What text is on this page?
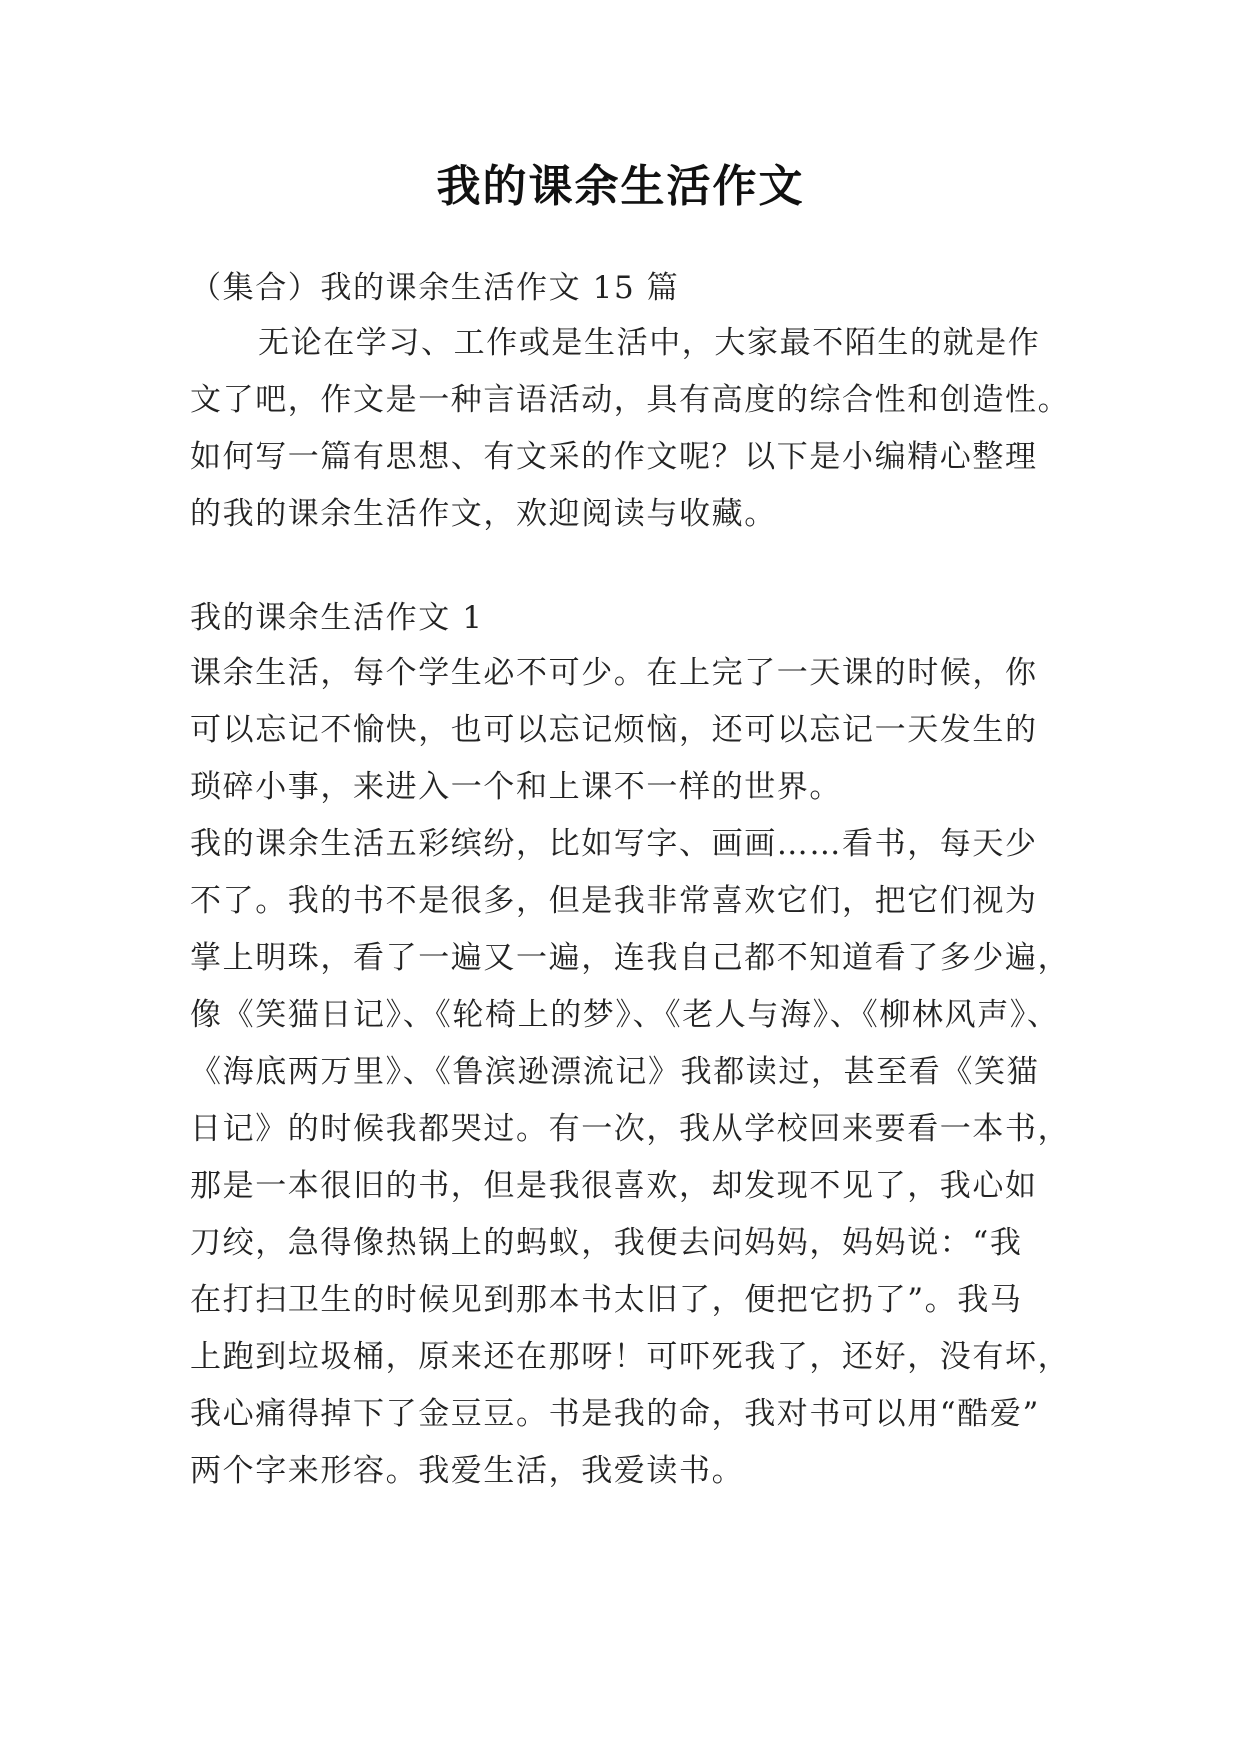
我的课余生活作文
（集合）我的课余生活作文 15 篇
无论在学习、工作或是生活中，大家最不陌生的就是作
文了吧，作文是一种言语活动，具有高度的综合性和创造性。
如何写一篇有思想、有文采的作文呢？以下是小编精心整理
的我的课余生活作文，欢迎阅读与收藏。
我的课余生活作文 1
课余生活，每个学生必不可少。在上完了一天课的时候，你
可以忘记不愉快，也可以忘记烦恼，还可以忘记一天发生的
琐碎小事，来进入一个和上课不一样的世界。
我的课余生活五彩缤纷，比如写字、画画……看书，每天少
不了。我的书不是很多，但是我非常喜欢它们，把它们视为
掌上明珠，看了一遍又一遍，连我自己都不知道看了多少遍，
像《笑猫日记》、《轮椅上的梦》、《老人与海》、《柳林风声》、
《海底两万里》、《鲁滨逊漂流记》我都读过，甚至看《笑猫
日记》的时候我都哭过。有一次，我从学校回来要看一本书，
那是一本很旧的书，但是我很喜欢，却发现不见了，我心如
刀绞，急得像热锅上的蚂蚁，我便去问妈妈，妈妈说：“我
在打扫卫生的时候见到那本书太旧了，便把它扔了”。我马
上跑到垃圾桶，原来还在那呀！可吓死我了，还好，没有坏，
我心痛得掉下了金豆豆。书是我的命，我对书可以用“酷爱”
两个字来形容。我爱生活，我爱读书。
